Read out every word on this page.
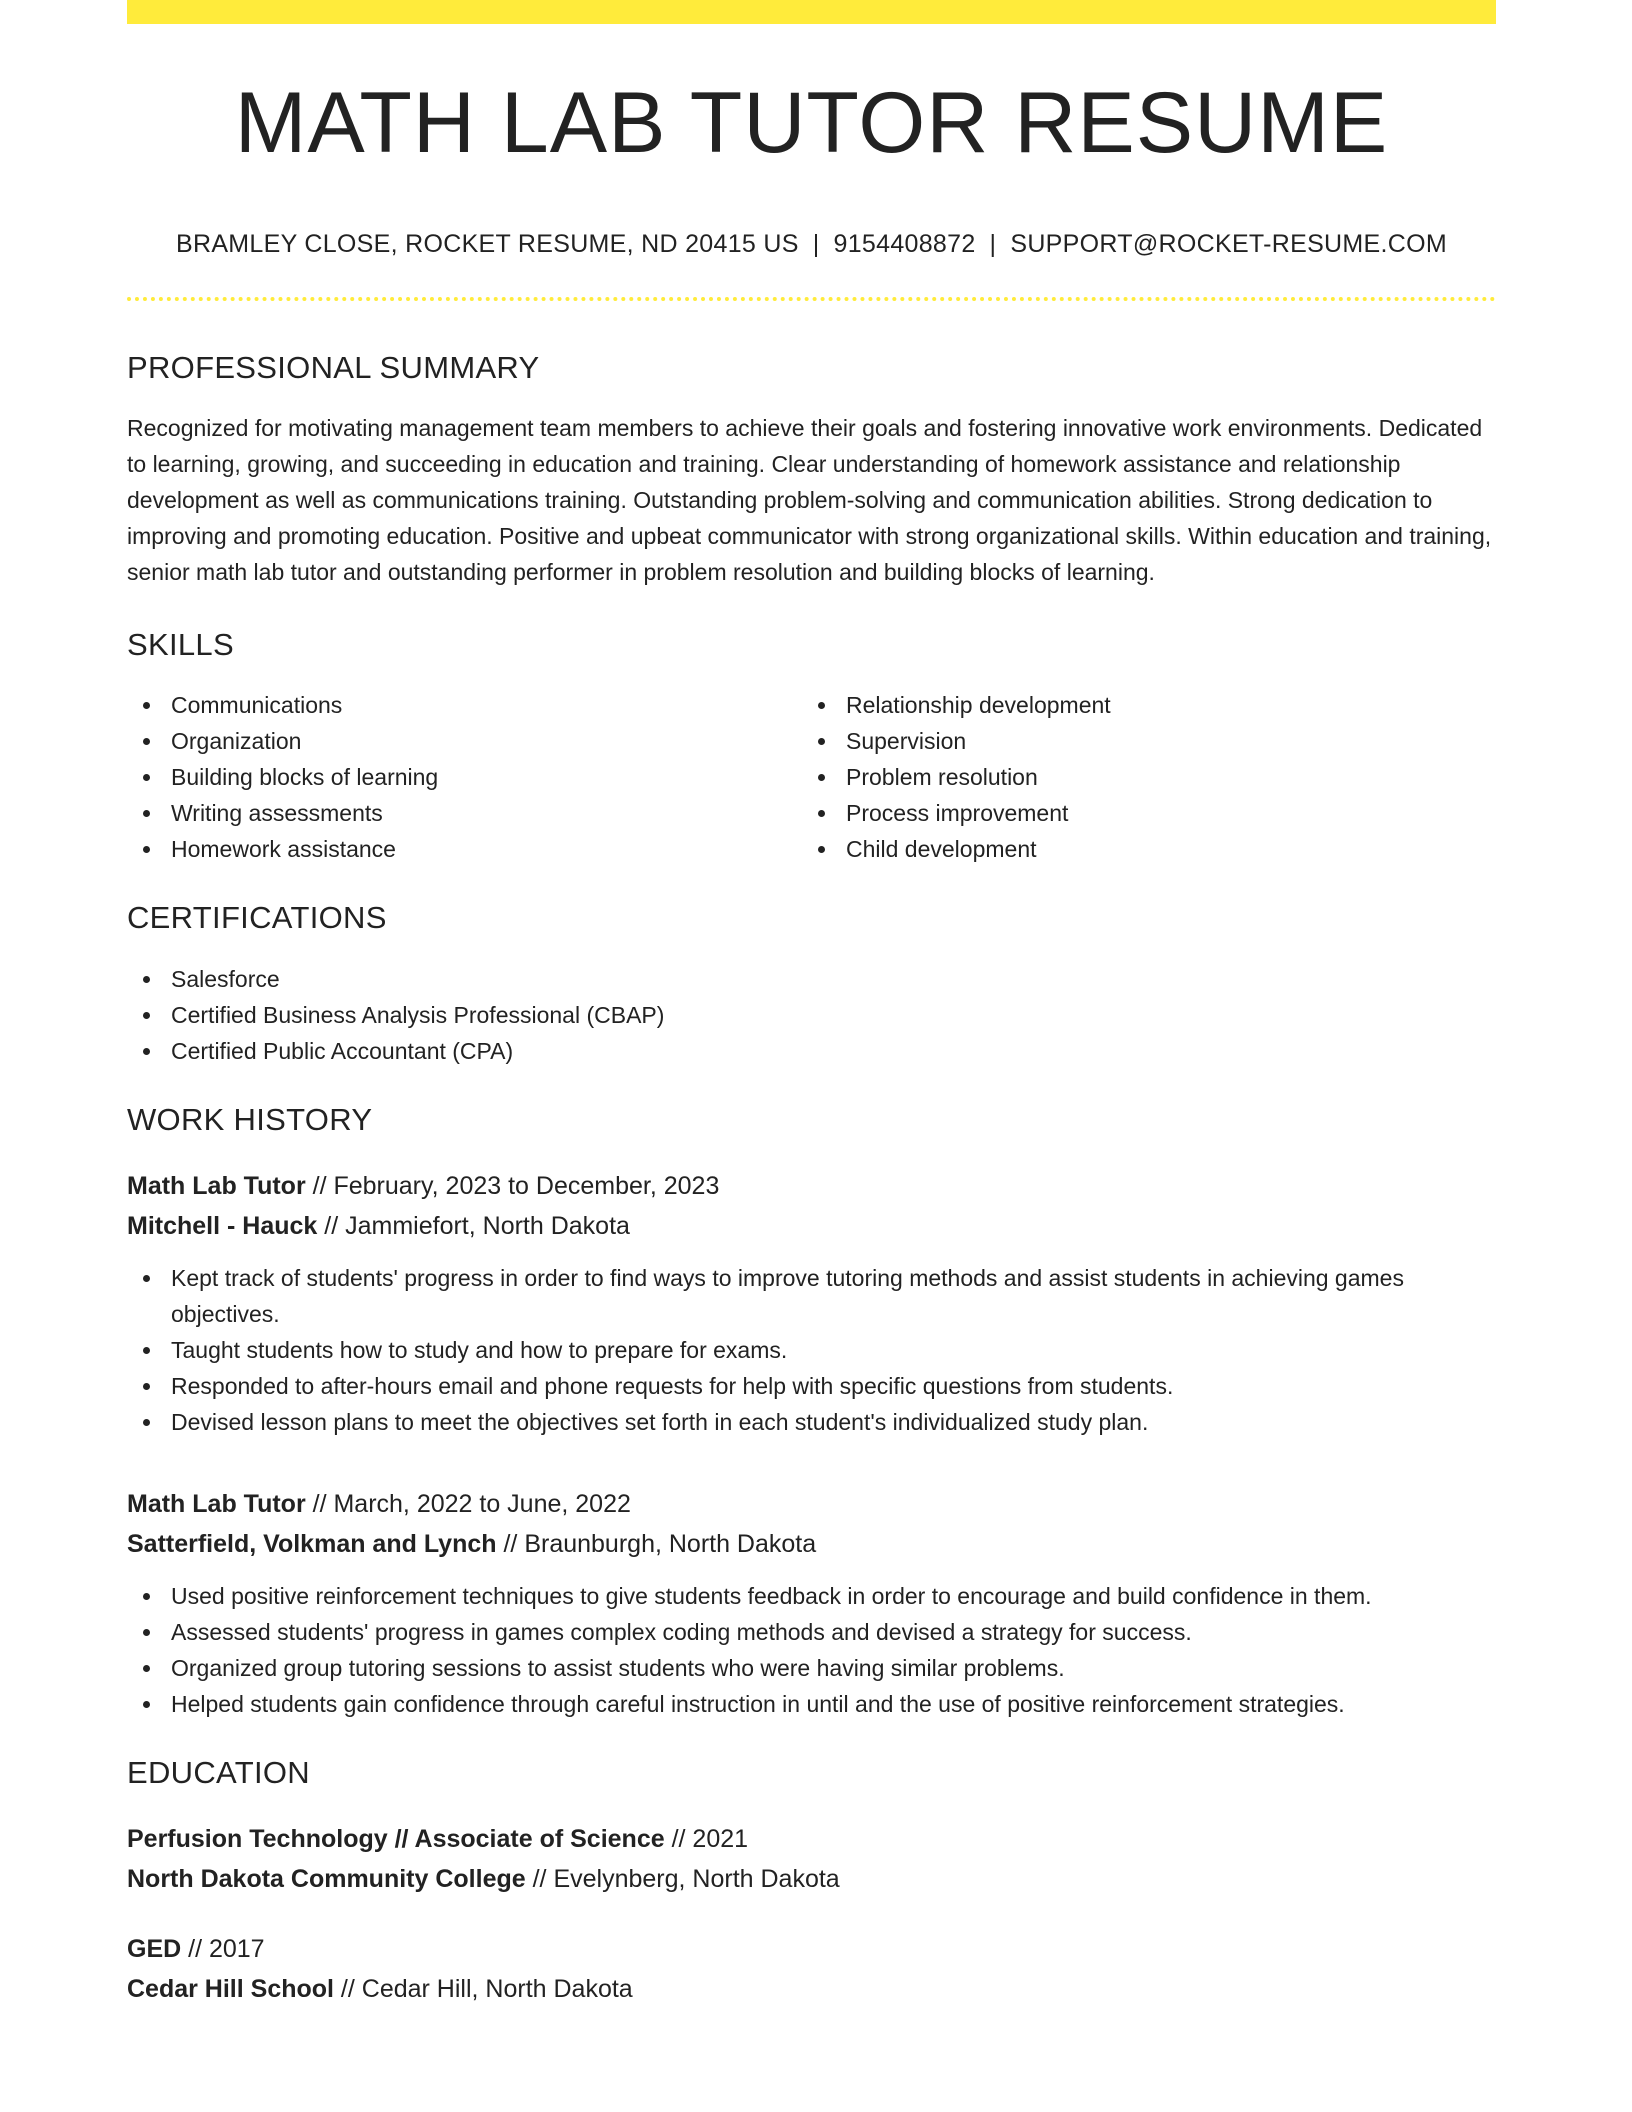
MATH LAB TUTOR RESUME
BRAMLEY CLOSE, ROCKET RESUME, ND 20415 US | 9154408872 | SUPPORT@ROCKET-RESUME.COM
PROFESSIONAL SUMMARY

Recognized for motivating management team members to achieve their goals and fostering innovative work environments. Dedicated to learning, growing, and succeeding in education and training. Clear understanding of homework assistance and relationship development as well as communications training. Outstanding problem-solving and communication abilities. Strong dedication to improving and promoting education. Positive and upbeat communicator with strong organizational skills. Within education and training, senior math lab tutor and outstanding performer in problem resolution and building blocks of learning.

SKILLS
Communications
Organization
Building blocks of learning
Writing assessments
Homework assistance
Relationship development
Supervision
Problem resolution
Process improvement
Child development
CERTIFICATIONS
Salesforce
Certified Business Analysis Professional (CBAP)
Certified Public Accountant (CPA)
WORK HISTORY
Math Lab Tutor // February, 2023 to December, 2023
Mitchell - Hauck // Jammiefort, North Dakota
Kept track of students' progress in order to find ways to improve tutoring methods and assist students in achieving games objectives.
Taught students how to study and how to prepare for exams.
Responded to after-hours email and phone requests for help with specific questions from students.
Devised lesson plans to meet the objectives set forth in each student's individualized study plan.
Math Lab Tutor // March, 2022 to June, 2022
Satterfield, Volkman and Lynch // Braunburgh, North Dakota
Used positive reinforcement techniques to give students feedback in order to encourage and build confidence in them.
Assessed students' progress in games complex coding methods and devised a strategy for success.
Organized group tutoring sessions to assist students who were having similar problems.
Helped students gain confidence through careful instruction in until and the use of positive reinforcement strategies.
EDUCATION
Perfusion Technology // Associate of Science // 2021
North Dakota Community College // Evelynberg, North Dakota
GED // 2017
Cedar Hill School // Cedar Hill, North Dakota
